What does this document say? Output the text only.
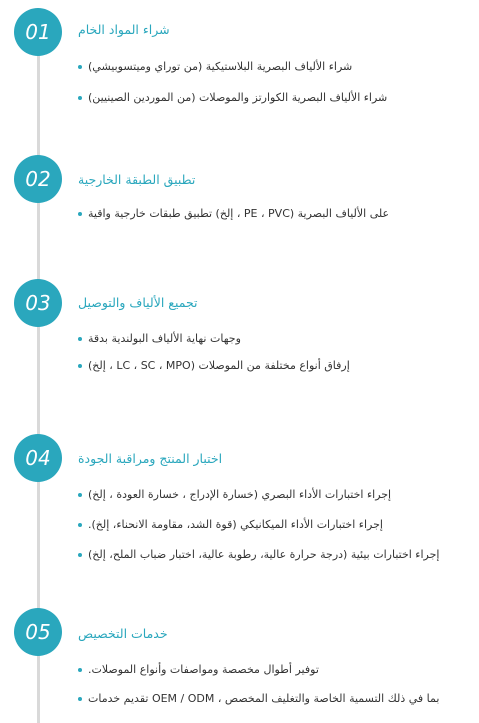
01	شراء المواد الخام
شراء الألياف البصرية البلاستيكية (من توراي وميتسوبيشي)
شراء الألياف البصرية الكوارتز والموصلات (من الموردين الصينيين)
02	تطبيق الطبقة الخارجية
على الألياف البصرية (PE ، PVC ، إلخ) تطبيق طبقات خارجية واقية
03	تجميع الألياف والتوصيل
وجهات نهاية الألياف البولندية بدقة
إرفاق أنواع مختلفة من الموصلات (LC ، SC ، MPO ، إلخ)
04	اختبار المنتج ومراقبة الجودة
إجراء اختبارات الأداء البصري (خسارة الإدراج ، خسارة العودة ، إلخ)
إجراء اختبارات الأداء الميكانيكي (قوة الشد، مقاومة الانحناء، إلخ).
إجراء اختبارات بيئية (درجة حرارة عالية، رطوبة عالية، اختبار ضباب الملح، إلخ)
05	خدمات التخصيص
توفير أطوال مخصصة ومواصفات وأنواع الموصلات.
بما في ذلك التسمية الخاصة والتغليف المخصص ، OEM / ODM تقديم خدمات
